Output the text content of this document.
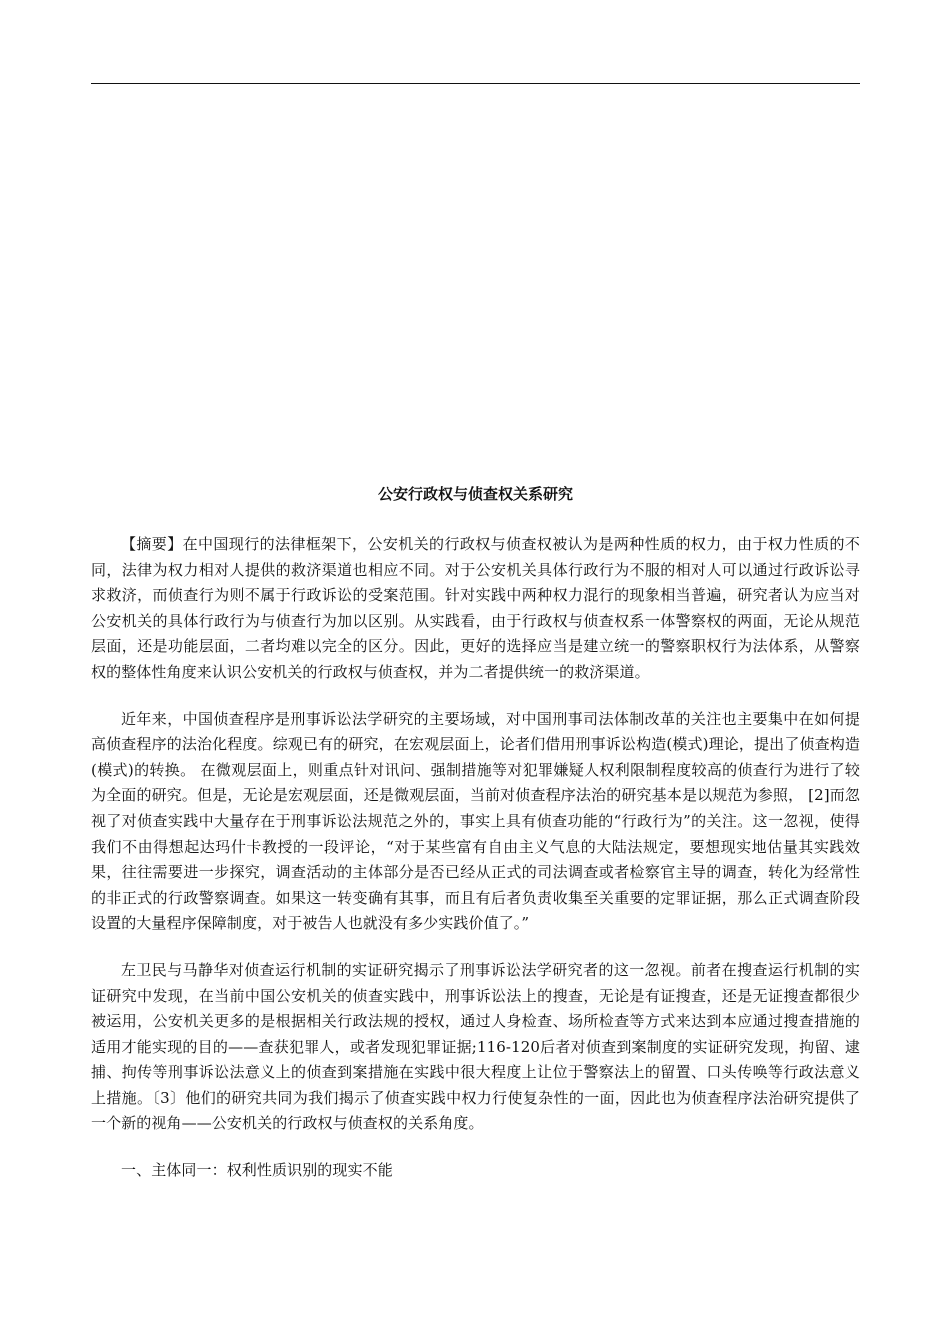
公安行政权与侦查权关系研究

【摘要】在中国现行的法律框架下，公安机关的行政权与侦查权被认为是两种性质的权力，由于权力性质的不同，法律为权力相对人提供的救济渠道也相应不同。对于公安机关具体行政行为不服的相对人可以通过行政诉讼寻求救济，而侦查行为则不属于行政诉讼的受案范围。针对实践中两种权力混行的现象相当普遍，研究者认为应当对公安机关的具体行政行为与侦查行为加以区别。从实践看，由于行政权与侦查权系一体警察权的两面，无论从规范层面，还是功能层面，二者均难以完全的区分。因此，更好的选择应当是建立统一的警察职权行为法体系，从警察权的整体性角度来认识公安机关的行政权与侦查权，并为二者提供统一的救济渠道。

近年来，中国侦查程序是刑事诉讼法学研究的主要场域，对中国刑事司法体制改革的关注也主要集中在如何提高侦查程序的法治化程度。综观已有的研究，在宏观层面上，论者们借用刑事诉讼构造(模式)理论，提出了侦查构造(模式)的转换。 在微观层面上，则重点针对讯问、强制措施等对犯罪嫌疑人权利限制程度较高的侦查行为进行了较为全面的研究。但是，无论是宏观层面，还是微观层面，当前对侦查程序法治的研究基本是以规范为参照， [2]而忽视了对侦查实践中大量存在于刑事诉讼法规范之外的，事实上具有侦查功能的“行政行为”的关注。这一忽视，使得我们不由得想起达玛什卡教授的一段评论，“对于某些富有自由主义气息的大陆法规定，要想现实地估量其实践效果，往往需要进一步探究，调查活动的主体部分是否已经从正式的司法调查或者检察官主导的调查，转化为经常性的非正式的行政警察调查。如果这一转变确有其事，而且有后者负责收集至关重要的定罪证据，那么正式调查阶段设置的大量程序保障制度，对于被告人也就没有多少实践价值了。”

左卫民与马静华对侦查运行机制的实证研究揭示了刑事诉讼法学研究者的这一忽视。前者在搜查运行机制的实证研究中发现，在当前中国公安机关的侦查实践中，刑事诉讼法上的搜查，无论是有证搜查，还是无证搜查都很少被运用，公安机关更多的是根据相关行政法规的授权，通过人身检查、场所检查等方式来达到本应通过搜查措施的适用才能实现的目的——查获犯罪人，或者发现犯罪证据;116-120后者对侦查到案制度的实证研究发现，拘留、逮捕、拘传等刑事诉讼法意义上的侦查到案措施在实践中很大程度上让位于警察法上的留置、口头传唤等行政法意义上措施。〔3〕他们的研究共同为我们揭示了侦查实践中权力行使复杂性的一面，因此也为侦查程序法治研究提供了一个新的视角——公安机关的行政权与侦查权的关系角度。

一、主体同一：权利性质识别的现实不能
